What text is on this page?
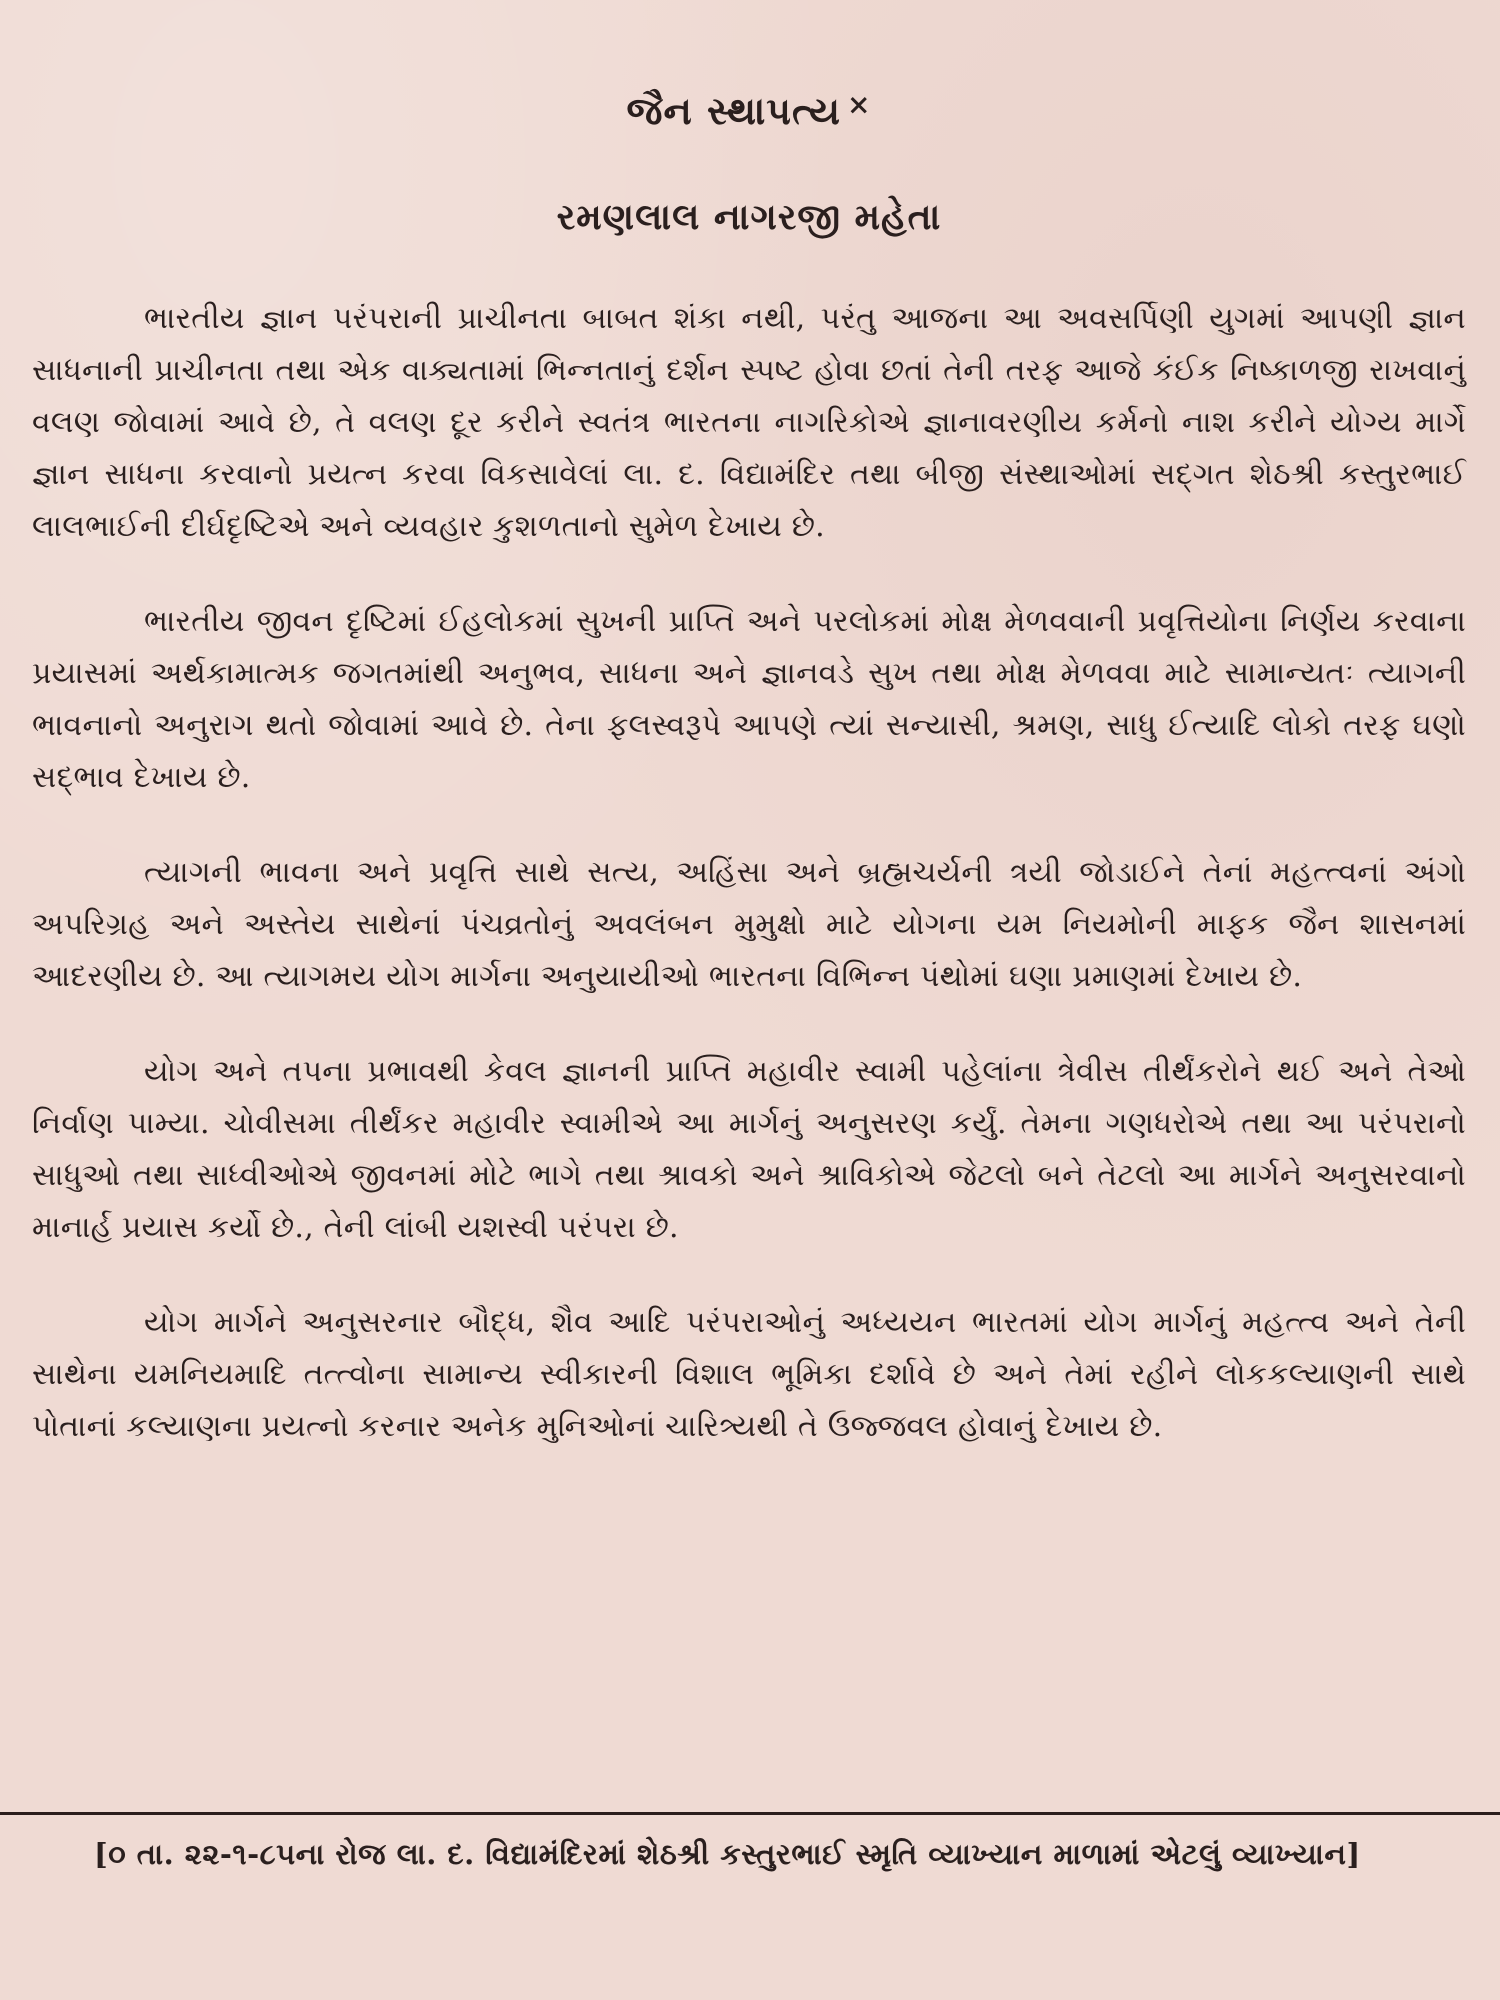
જૈન સ્થાપત્ય ×
રમણલાલ નાગરજી મહેતા

ભારતીય જ્ઞાન પરંપરાની પ્રાચીનતા બાબત શંકા નથી, પરંતુ આજના આ અવસર્પિણી યુગમાં આપણી જ્ઞાન સાધનાની પ્રાચીનતા તથા એક વાક્યતામાં ભિન્નતાનું દર્શન સ્પષ્ટ હોવા છતાં તેની તરફ આજે કંઈક નિષ્કાળજી રાખવાનું વલણ જોવામાં આવે છે, તે વલણ દૂર કરીને સ્વતંત્ર ભારતના નાગરિકોએ જ્ઞાનાવરણીય કર્મનો નાશ કરીને યોગ્ય માર્ગે જ્ઞાન સાધના કરવાનો પ્રયત્ન કરવા વિકસાવેલાં લા. દ. વિદ્યામંદિર તથા બીજી સંસ્થાઓમાં સદ્ગત શેઠશ્રી કસ્તુરભાઈ લાલભાઈની દીર્ઘદૃષ્ટિએ અને વ્યવહાર કુશળતાનો સુમેળ દેખાય છે.

ભારતીય જીવન દૃષ્ટિમાં ઈહલોકમાં સુખની પ્રાપ્તિ અને પરલોકમાં મોક્ષ મેળવવાની પ્રવૃત્તિયોના નિર્ણય કરવાના પ્રયાસમાં અર્થકામાત્મક જગતમાંથી અનુભવ, સાધના અને જ્ઞાનવડે સુખ તથા મોક્ષ મેળવવા માટે સામાન્યતઃ ત્યાગની ભાવનાનો અનુરાગ થતો જોવામાં આવે છે. તેના ફલસ્વરૂપે આપણે ત્યાં સન્યાસી, શ્રમણ, સાધુ ઈત્યાદિ લોકો તરફ ઘણો સદ્ભાવ દેખાય છે.

ત્યાગની ભાવના અને પ્રવૃત્તિ સાથે સત્ય, અહિંસા અને બ્રહ્મચર્યની ત્રયી જોડાઈને તેનાં મહત્ત્વનાં અંગો અપરિગ્રહ અને અસ્તેય સાથેનાં પંચવ્રતોનું અવલંબન મુમુક્ષો માટે યોગના યમ નિયમોની માફક જૈન શાસનમાં આદરણીય છે. આ ત્યાગમય યોગ માર્ગના અનુયાયીઓ ભારતના વિભિન્ન પંથોમાં ઘણા પ્રમાણમાં દેખાય છે.

યોગ અને તપના પ્રભાવથી કેવલ જ્ઞાનની પ્રાપ્તિ મહાવીર સ્વામી પહેલાંના ત્રેવીસ તીર્થંકરોને થઈ અને તેઓ નિર્વાણ પામ્યા. ચોવીસમા તીર્થંકર મહાવીર સ્વામીએ આ માર્ગનું અનુસરણ કર્યું. તેમના ગણધરોએ તથા આ પરંપરાનો સાધુઓ તથા સાધ્વીઓએ જીવનમાં મોટે ભાગે તથા શ્રાવકો અને શ્રાવિકોએ જેટલો બને તેટલો આ માર્ગને અનુસરવાનો માનાર્હ પ્રયાસ કર્યો છે., તેની લાંબી યશસ્વી પરંપરા છે.

યોગ માર્ગને અનુસરનાર બૌદ્ધ, શૈવ આદિ પરંપરાઓનું અધ્યયન ભારતમાં યોગ માર્ગનું મહત્ત્વ અને તેની સાથેના યમનિયમાદિ તત્ત્વોના સામાન્ય સ્વીકારની વિશાલ ભૂમિકા દર્શાવે છે અને તેમાં રહીને લોકકલ્યાણની સાથે પોતાનાં કલ્યાણના પ્રયત્નો કરનાર અનેક મુનિઓનાં ચારિત્ર્યથી તે ઉજ્જવલ હોવાનું દેખાય છે.

[૦ તા. ૨૨-૧-૮૫ના રોજ લા. દ. વિદ્યામંદિરમાં શેઠશ્રી કસ્તુરભાઈ સ્મૃતિ વ્યાખ્યાન માળામાં એટલું વ્યાખ્યાન]
